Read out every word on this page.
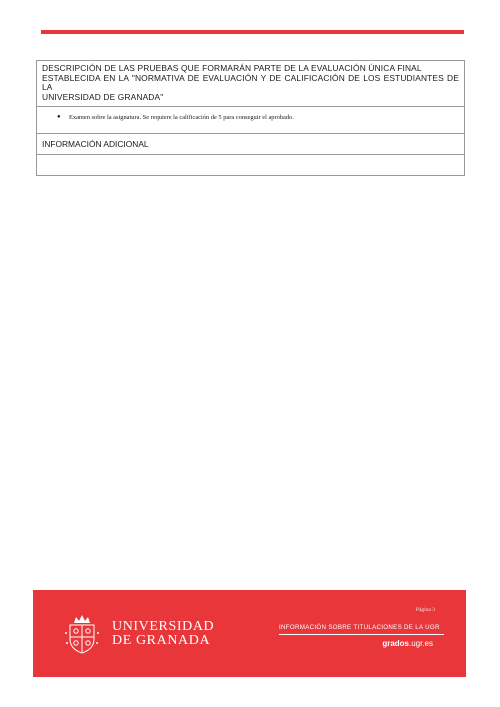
DESCRIPCIÓN DE LAS PRUEBAS QUE FORMARÁN PARTE DE LA EVALUACIÓN ÚNICA FINAL
ESTABLECIDA EN LA "NORMATIVA DE EVALUACIÓN Y DE CALIFICACIÓN DE LOS ESTUDIANTES DE LA
UNIVERSIDAD DE GRANADA"
●	Examen sobre la asignatura. Se requiere la calificación de 5 para conseguir el aprobado.
INFORMACIÓN ADICIONAL
UNIVERSIDAD
DE GRANADA
Página 3
INFORMACIÓN SOBRE TITULACIONES DE LA UGR
grados.ugr.es
